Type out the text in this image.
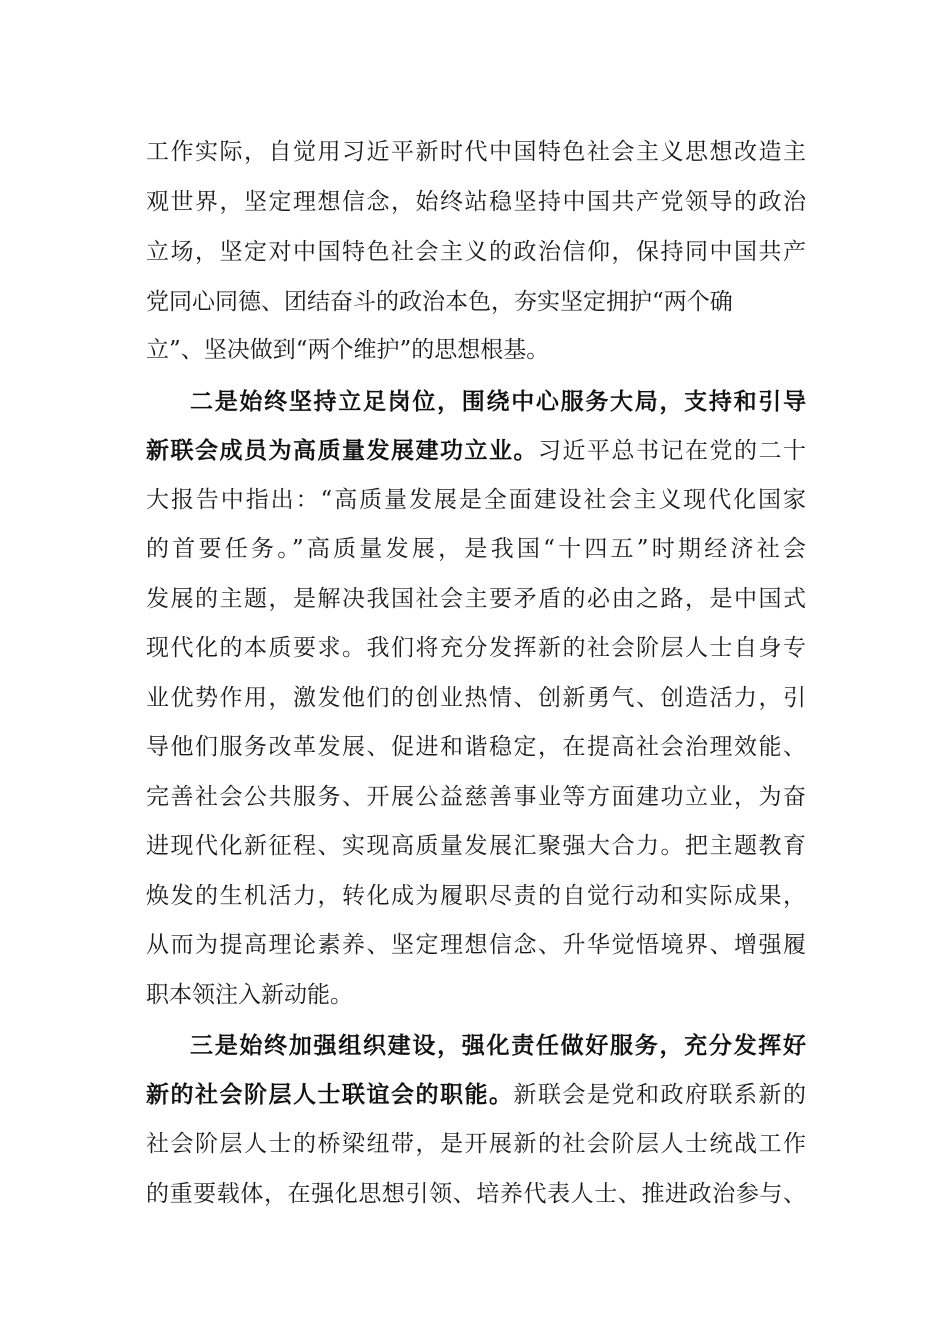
工作实际，自觉用习近平新时代中国特色社会主义思想改造主
观世界，坚定理想信念，始终站稳坚持中国共产党领导的政治
立场，坚定对中国特色社会主义的政治信仰，保持同中国共产
党同心同德、团结奋斗的政治本色，夯实坚定拥护“两个确
立”、坚决做到“两个维护”的思想根基。
二是始终坚持立足岗位，围绕中心服务大局，支持和引导
新联会成员为高质量发展建功立业。习近平总书记在党的二十
大报告中指出：“高质量发展是全面建设社会主义现代化国家
的首要任务。”高质量发展，是我国“十四五”时期经济社会
发展的主题，是解决我国社会主要矛盾的必由之路，是中国式
现代化的本质要求。我们将充分发挥新的社会阶层人士自身专
业优势作用，激发他们的创业热情、创新勇气、创造活力，引
导他们服务改革发展、促进和谐稳定，在提高社会治理效能、
完善社会公共服务、开展公益慈善事业等方面建功立业，为奋
进现代化新征程、实现高质量发展汇聚强大合力。把主题教育
焕发的生机活力，转化成为履职尽责的自觉行动和实际成果，
从而为提高理论素养、坚定理想信念、升华觉悟境界、增强履
职本领注入新动能。
三是始终加强组织建设，强化责任做好服务，充分发挥好
新的社会阶层人士联谊会的职能。新联会是党和政府联系新的
社会阶层人士的桥梁纽带，是开展新的社会阶层人士统战工作
的重要载体，在强化思想引领、培养代表人士、推进政治参与、
